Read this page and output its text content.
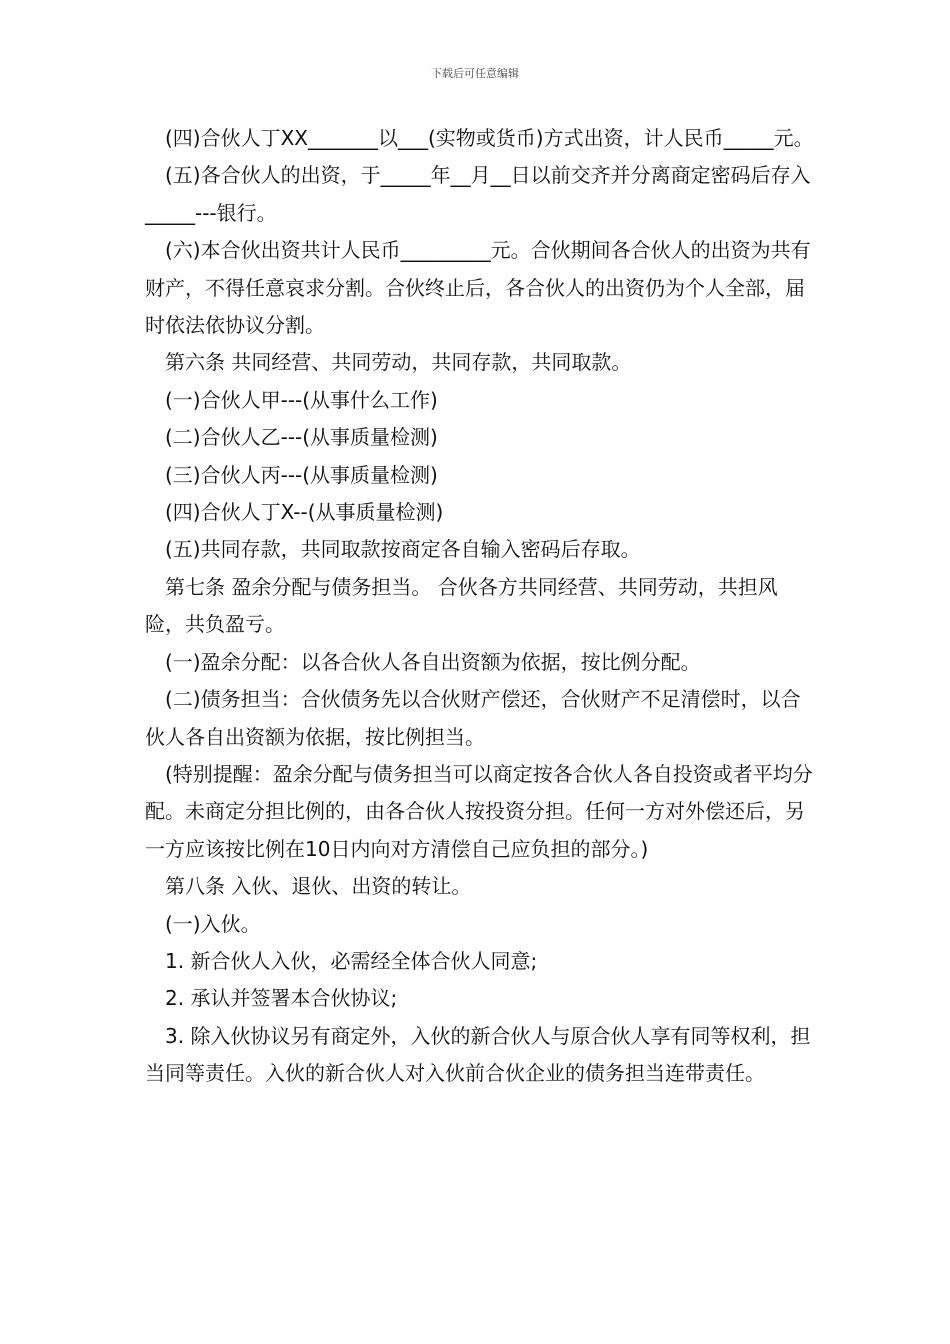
下载后可任意编辑

(四)合伙人丁XX_______以___(实物或货币)方式出资，计人民币_____元。

(五)各合伙人的出资，于_____年__月__日以前交齐并分离商定密码后存入_____---银行。

(六)本合伙出资共计人民币_________元。合伙期间各合伙人的出资为共有财产，不得任意哀求分割。合伙终止后，各合伙人的出资仍为个人全部，届时依法依协议分割。

第六条 共同经营、共同劳动，共同存款，共同取款。

(一)合伙人甲---(从事什么工作)

(二)合伙人乙---(从事质量检测)

(三)合伙人丙---(从事质量检测)

(四)合伙人丁X--(从事质量检测)

(五)共同存款，共同取款按商定各自输入密码后存取。

第七条 盈余分配与债务担当。 合伙各方共同经营、共同劳动，共担风险，共负盈亏。

(一)盈余分配：以各合伙人各自出资额为依据，按比例分配。

(二)债务担当：合伙债务先以合伙财产偿还，合伙财产不足清偿时，以合伙人各自出资额为依据，按比例担当。

(特别提醒：盈余分配与债务担当可以商定按各合伙人各自投资或者平均分配。未商定分担比例的，由各合伙人按投资分担。任何一方对外偿还后，另一方应该按比例在10日内向对方清偿自己应负担的部分。)

第八条 入伙、退伙、出资的转让。

(一)入伙。

1. 新合伙人入伙，必需经全体合伙人同意;

2. 承认并签署本合伙协议;

3. 除入伙协议另有商定外，入伙的新合伙人与原合伙人享有同等权利，担当同等责任。入伙的新合伙人对入伙前合伙企业的债务担当连带责任。
